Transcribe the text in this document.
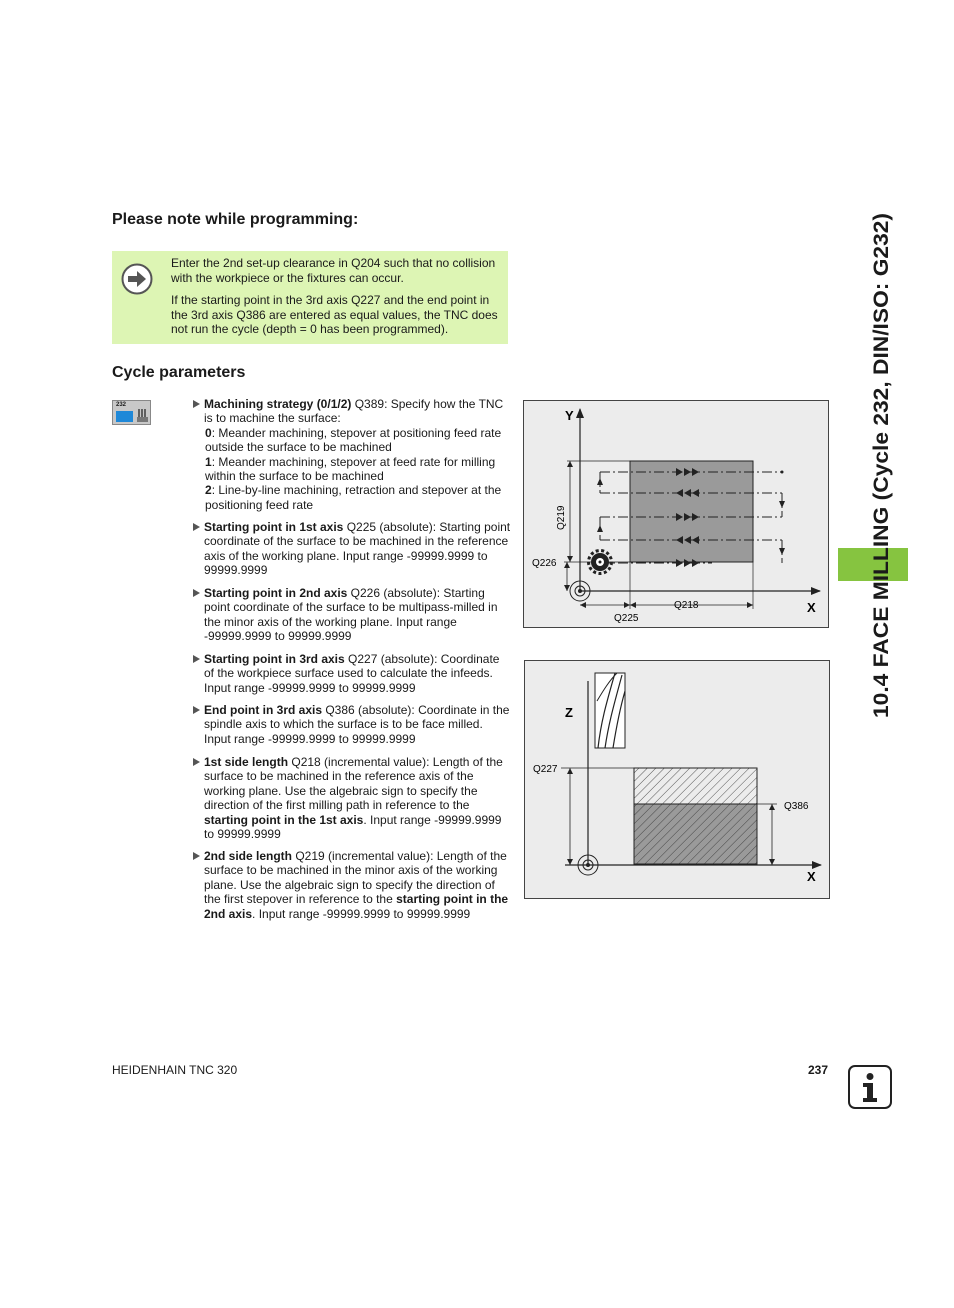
10.4 FACE MILLING (Cycle 232, DIN/ISO: G232)
Please note while programming:

Enter the 2nd set-up clearance in Q204 such that no collision with the workpiece or the fixtures can occur.

If the starting point in the 3rd axis Q227 and the end point in the 3rd axis Q386 are entered as equal values, the TNC does not run the cycle (depth = 0 has been programmed).

Cycle parameters
232	Machining strategy (0/1/2) Q389: Specify how the TNC is to machine the surface:
0: Meander machining, stepover at positioning feed rate outside the surface to be machined
1: Meander machining, stepover at feed rate for milling within the surface to be machined
2: Line-by-line machining, retraction and stepover at the positioning feed rate
Starting point in 1st axis Q225 (absolute): Starting point coordinate of the surface to be machined in the reference axis of the working plane. Input range -99999.9999 to 99999.9999
Starting point in 2nd axis Q226 (absolute): Starting point coordinate of the surface to be multipass-milled in the minor axis of the working plane. Input range -99999.9999 to 99999.9999
Starting point in 3rd axis Q227 (absolute): Coordinate of the workpiece surface used to calculate the infeeds. Input range -99999.9999 to 99999.9999
End point in 3rd axis Q386 (absolute): Coordinate in the spindle axis to which the surface is to be face milled. Input range -99999.9999 to 99999.9999
1st side length Q218 (incremental value): Length of the surface to be machined in the reference axis of the working plane. Use the algebraic sign to specify the direction of the first milling path in reference to the starting point in the 1st axis. Input range -99999.9999 to 99999.9999
2nd side length Q219 (incremental value): Length of the surface to be machined in the minor axis of the working plane. Use the algebraic sign to specify the direction of the first stepover in reference to the starting point in the 2nd axis. Input range -99999.9999 to 99999.9999
Y
X
Q219
Q226
Q218
Q225
Z
X
Q227
Q386
HEIDENHAIN TNC 320	237
